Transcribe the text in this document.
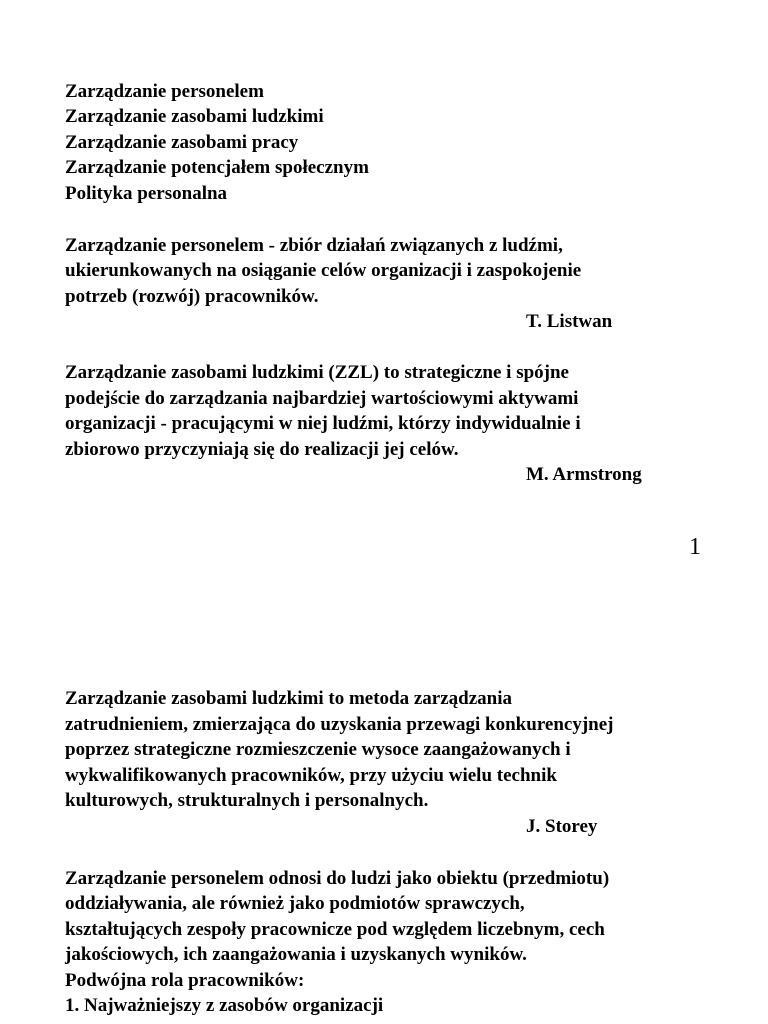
Zarządzanie personelem
Zarządzanie zasobami ludzkimi
Zarządzanie zasobami pracy
Zarządzanie potencjałem społecznym
Polityka personalna
Zarządzanie personelem - zbiór działań związanych z ludźmi,
ukierunkowanych na osiąganie celów organizacji i zaspokojenie
potrzeb (rozwój) pracowników.
T. Listwan
Zarządzanie zasobami ludzkimi (ZZL) to strategiczne i spójne
podejście do zarządzania najbardziej wartościowymi aktywami
organizacji - pracującymi w niej ludźmi, którzy indywidualnie i
zbiorowo przyczyniają się do realizacji jej celów.
M. Armstrong
1
Zarządzanie zasobami ludzkimi to metoda zarządzania
zatrudnieniem, zmierzająca do uzyskania przewagi konkurencyjnej
poprzez strategiczne rozmieszczenie wysoce zaangażowanych i
wykwalifikowanych pracowników, przy użyciu wielu technik
kulturowych, strukturalnych i personalnych.
J. Storey
Zarządzanie personelem odnosi do ludzi jako obiektu (przedmiotu)
oddziaływania, ale również jako podmiotów sprawczych,
kształtujących zespoły pracownicze pod względem liczebnym, cech
jakościowych, ich zaangażowania i uzyskanych wyników.
Podwójna rola pracowników:
1. Najważniejszy z zasobów organizacji
